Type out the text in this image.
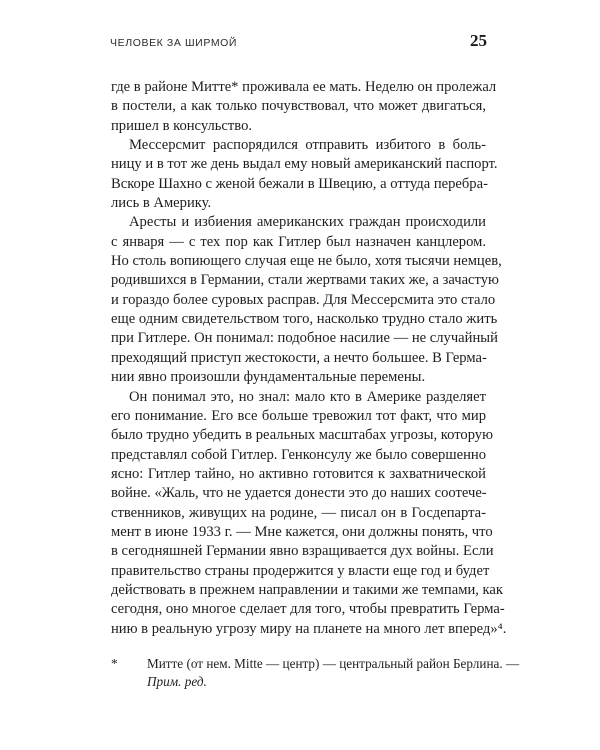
ЧЕЛОВЕК ЗА ШИРМОЙ	25
где в районе Митте* проживала ее мать. Неделю он пролежал
в постели, а как только почувствовал, что может двигаться,
пришел в консульство.
Мессерсмит распорядился отправить избитого в боль-
ницу и в тот же день выдал ему новый американский паспорт.
Вскоре Шахно с женой бежали в Швецию, а оттуда перебра-
лись в Америку.
Аресты и избиения американских граждан происходили
с января — с тех пор как Гитлер был назначен канцлером.
Но столь вопиющего случая еще не было, хотя тысячи немцев,
родившихся в Германии, стали жертвами таких же, а зачастую
и гораздо более суровых расправ. Для Мессерсмита это стало
еще одним свидетельством того, насколько трудно стало жить
при Гитлере. Он понимал: подобное насилие — не случайный
преходящий приступ жестокости, а нечто большее. В Герма-
нии явно произошли фундаментальные перемены.
Он понимал это, но знал: мало кто в Америке разделяет
его понимание. Его все больше тревожил тот факт, что мир
было трудно убедить в реальных масштабах угрозы, которую
представлял собой Гитлер. Генконсулу же было совершенно
ясно: Гитлер тайно, но активно готовится к захватнической
войне. «Жаль, что не удается донести это до наших соотече-
ственников, живущих на родине, — писал он в Госдепарта-
мент в июне 1933 г. — Мне кажется, они должны понять, что
в сегодняшней Германии явно взращивается дух войны. Если
правительство страны продержится у власти еще год и будет
действовать в прежнем направлении и такими же темпами, как
сегодня, оно многое сделает для того, чтобы превратить Герма-
нию в реальную угрозу миру на планете на много лет вперед»⁴.
*	Митте (от нем. Mitte — центр) — центральный район Берлина. —
Прим. ред.
